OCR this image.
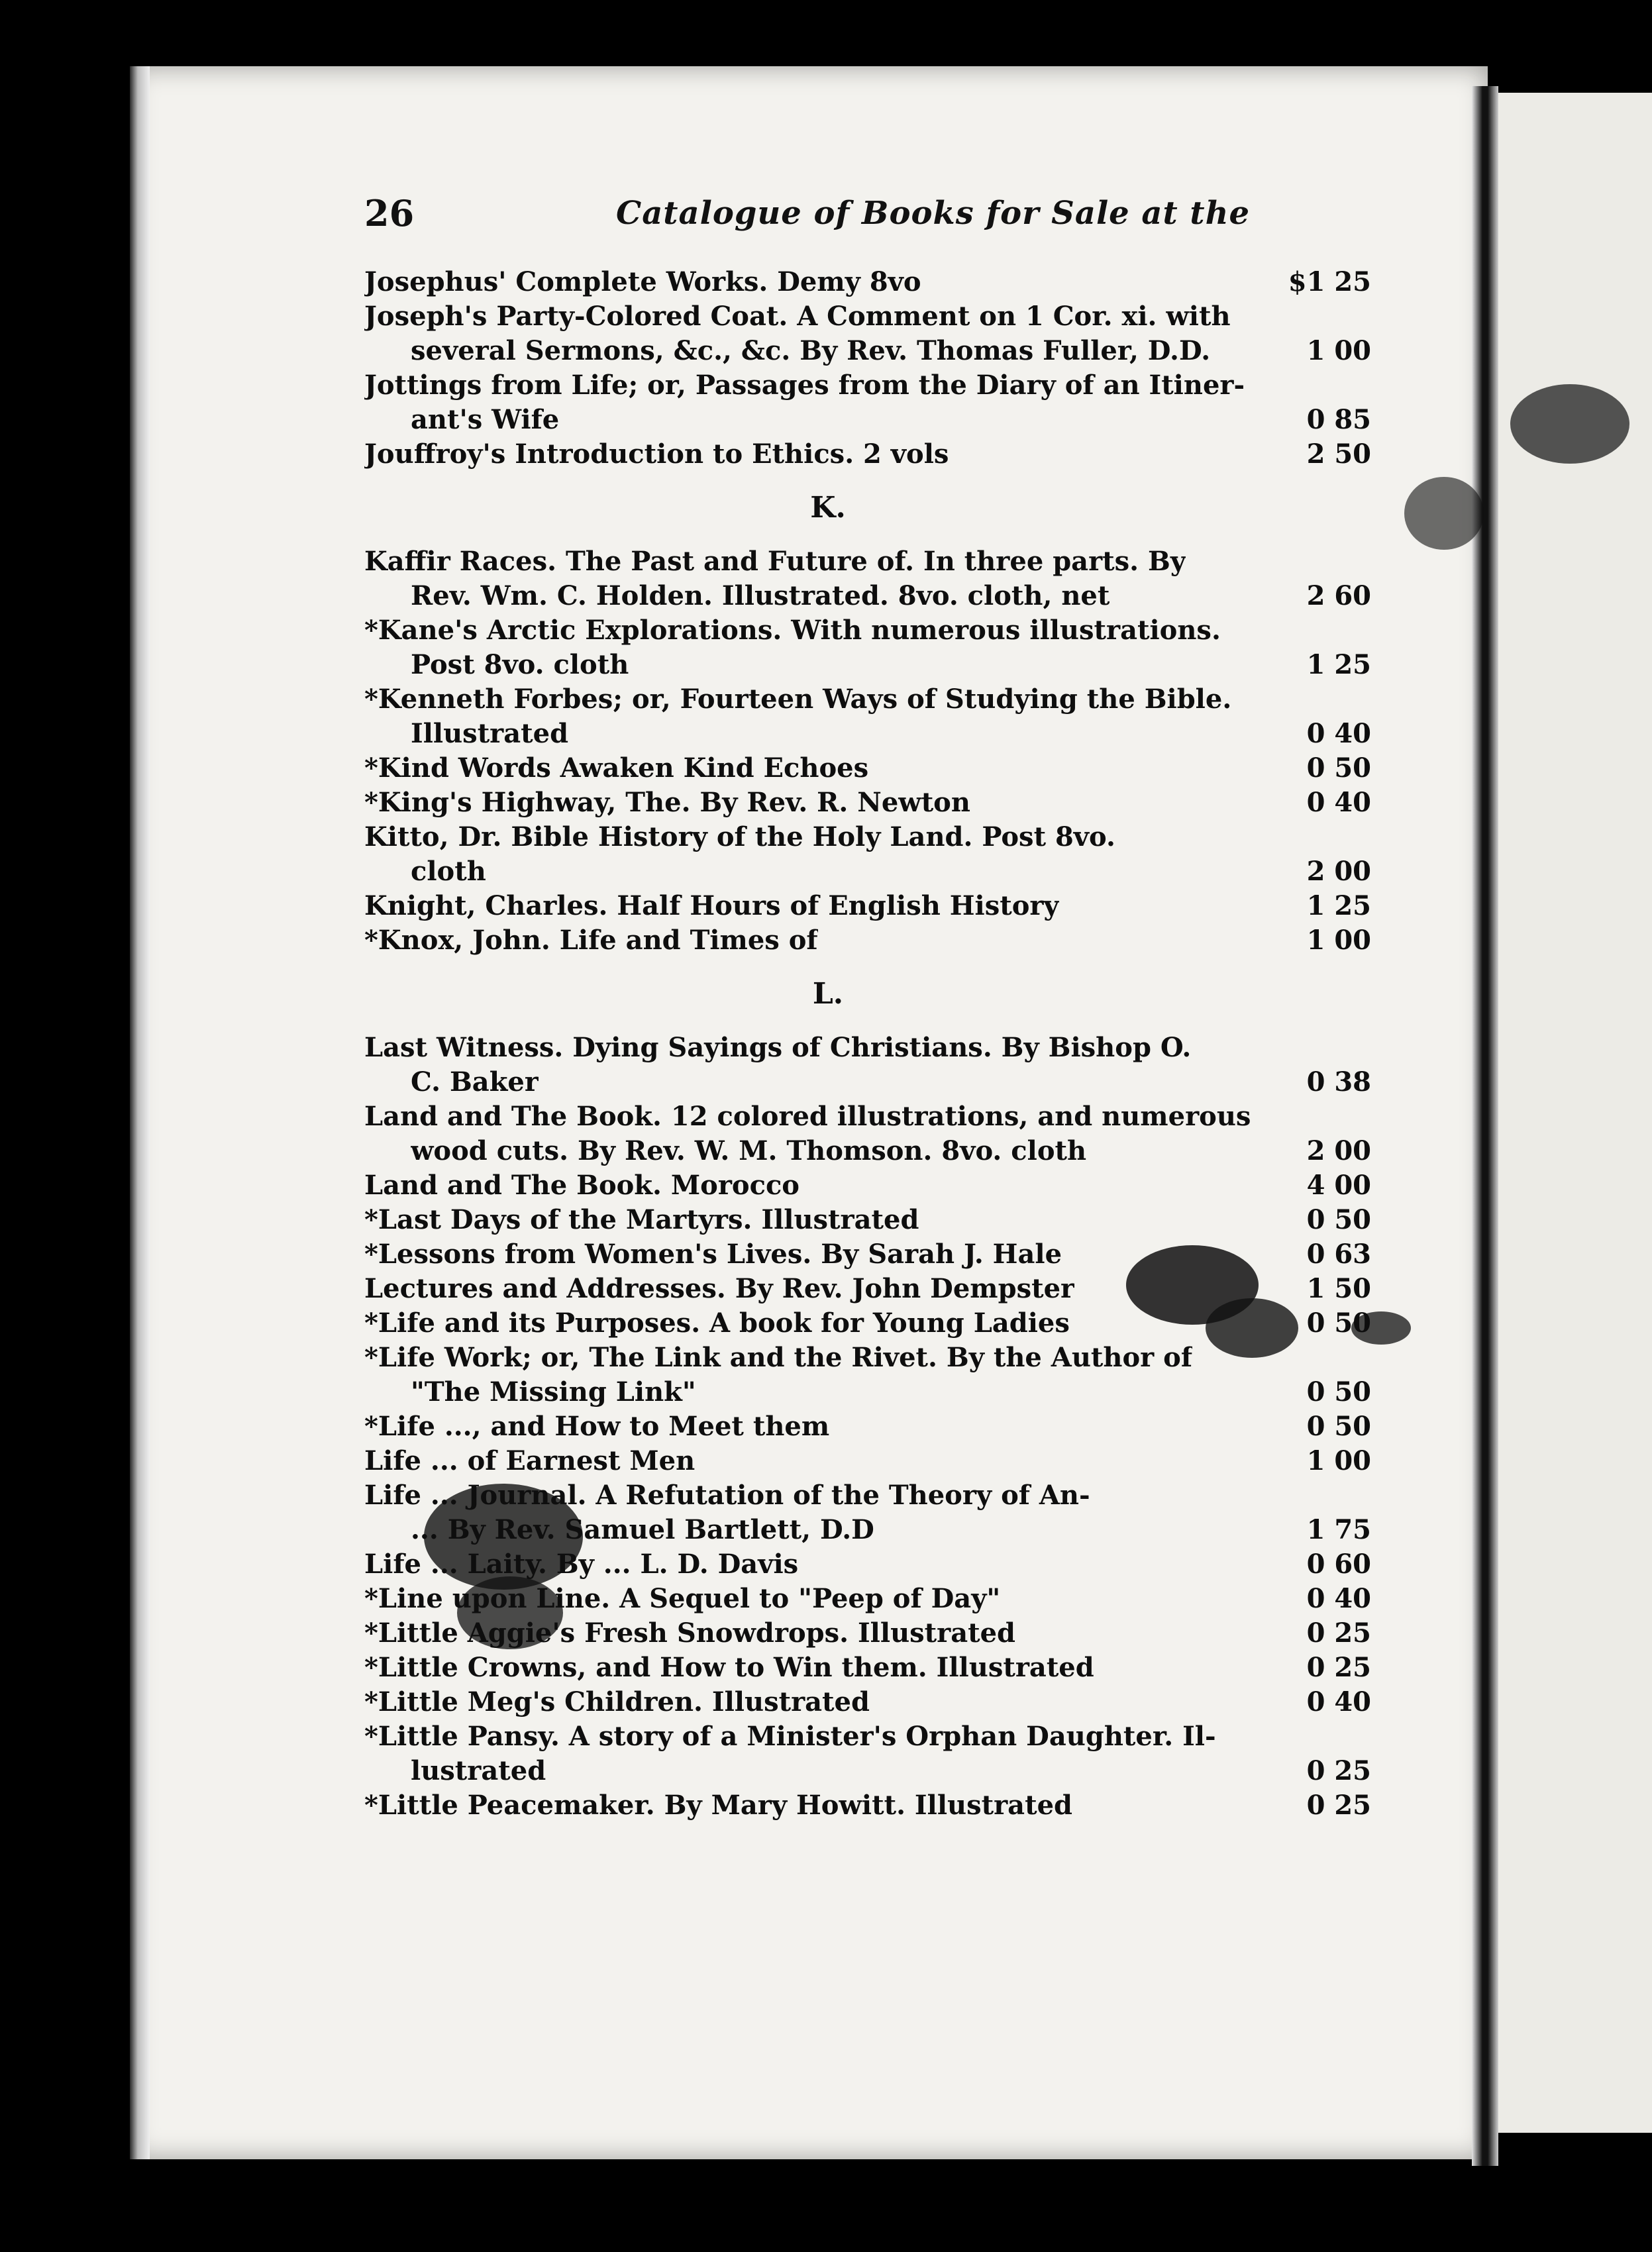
26	Catalogue of Books for Sale at the
Josephus' Complete Works. Demy 8vo	$1 25
Joseph's Party-Colored Coat. A Comment on 1 Cor. xi. with
several Sermons, &c., &c. By Rev. Thomas Fuller, D.D.	1 00
Jottings from Life; or, Passages from the Diary of an Itiner-
ant's Wife	0 85
Jouffroy's Introduction to Ethics. 2 vols	2 50
K.
Kaffir Races. The Past and Future of. In three parts. By
Rev. Wm. C. Holden. Illustrated. 8vo. cloth, net	2 60
*Kane's Arctic Explorations. With numerous illustrations.
Post 8vo. cloth	1 25
*Kenneth Forbes; or, Fourteen Ways of Studying the Bible.
Illustrated	0 40
*Kind Words Awaken Kind Echoes	0 50
*King's Highway, The. By Rev. R. Newton	0 40
Kitto, Dr. Bible History of the Holy Land. Post 8vo.
cloth	2 00
Knight, Charles. Half Hours of English History	1 25
*Knox, John. Life and Times of	1 00
L.
Last Witness. Dying Sayings of Christians. By Bishop O.
C. Baker	0 38
Land and The Book. 12 colored illustrations, and numerous
wood cuts. By Rev. W. M. Thomson. 8vo. cloth	2 00
Land and The Book. Morocco	4 00
*Last Days of the Martyrs. Illustrated	0 50
*Lessons from Women's Lives. By Sarah J. Hale	0 63
Lectures and Addresses. By Rev. John Dempster	1 50
*Life and its Purposes. A book for Young Ladies	0 50
*Life Work; or, The Link and the Rivet. By the Author of
"The Missing Link"	0 50
*Life ..., and How to Meet them	0 50
Life ... of Earnest Men	1 00
Life ... Journal. A Refutation of the Theory of An-
... By Rev. Samuel Bartlett, D.D	1 75
Life ... Laity. By ... L. D. Davis	0 60
*Line upon Line. A Sequel to "Peep of Day"	0 40
*Little Aggie's Fresh Snowdrops. Illustrated	0 25
*Little Crowns, and How to Win them. Illustrated	0 25
*Little Meg's Children. Illustrated	0 40
*Little Pansy. A story of a Minister's Orphan Daughter. Il-
lustrated	0 25
*Little Peacemaker. By Mary Howitt. Illustrated	0 25
